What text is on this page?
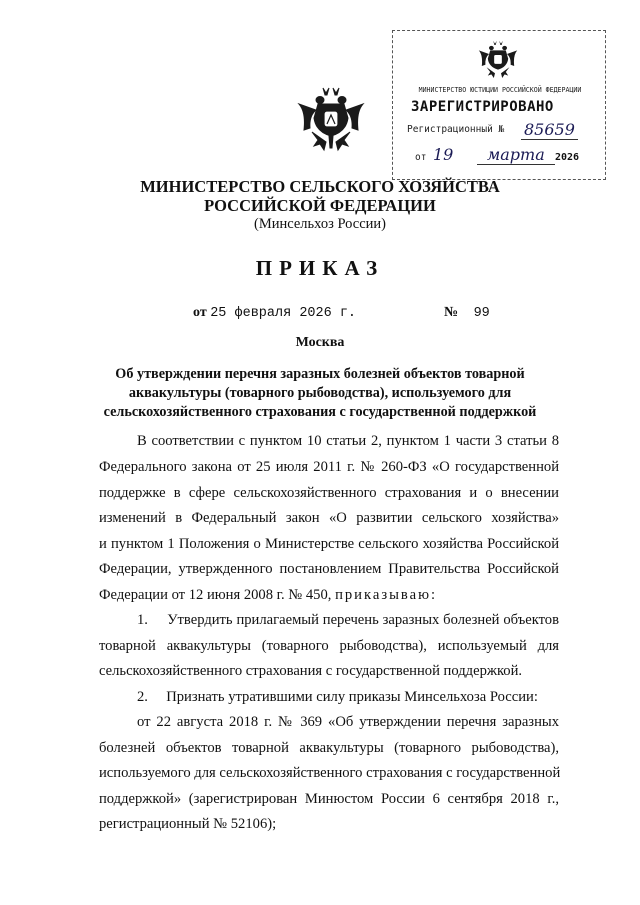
МИНИСТЕРСТВО ЮСТИЦИИ РОССИЙСКОЙ ФЕДЕРАЦИИ
ЗАРЕГИСТРИРОВАНО
Регистрационный № 85659
от 19	марта	2026
МИНИСТЕРСТВО СЕЛЬСКОГО ХОЗЯЙСТВА
РОССИЙСКОЙ ФЕДЕРАЦИИ
(Минсельхоз России)
ПРИКАЗ
от 25 февраля 2026 г.	№ 99
Москва
Об утверждении перечня заразных болезней объектов товарной
аквакультуры (товарного рыбоводства), используемого для
сельскохозяйственного страхования с государственной поддержкой
В соответствии с пунктом 10 статьи 2, пунктом 1 части 3 статьи 8
Федерального закона от 25 июля 2011 г. № 260-ФЗ «О государственной
поддержке в сфере сельскохозяйственного страхования и о внесении
изменений в Федеральный закон «О развитии сельского хозяйства»
и пунктом 1 Положения о Министерстве сельского хозяйства Российской
Федерации, утвержденного постановлением Правительства Российской
Федерации от 12 июня 2008 г. № 450, приказываю:
1.     Утвердить прилагаемый перечень заразных болезней объектов
товарной аквакультуры (товарного рыбоводства), используемый для
сельскохозяйственного страхования с государственной поддержкой.
2.     Признать утратившими силу приказы Минсельхоза России:
от 22 августа 2018 г. № 369 «Об утверждении перечня заразных
болезней объектов товарной аквакультуры (товарного рыбоводства),
используемого для сельскохозяйственного страхования с государственной
поддержкой» (зарегистрирован Минюстом России 6 сентября 2018 г.,
регистрационный № 52106);
